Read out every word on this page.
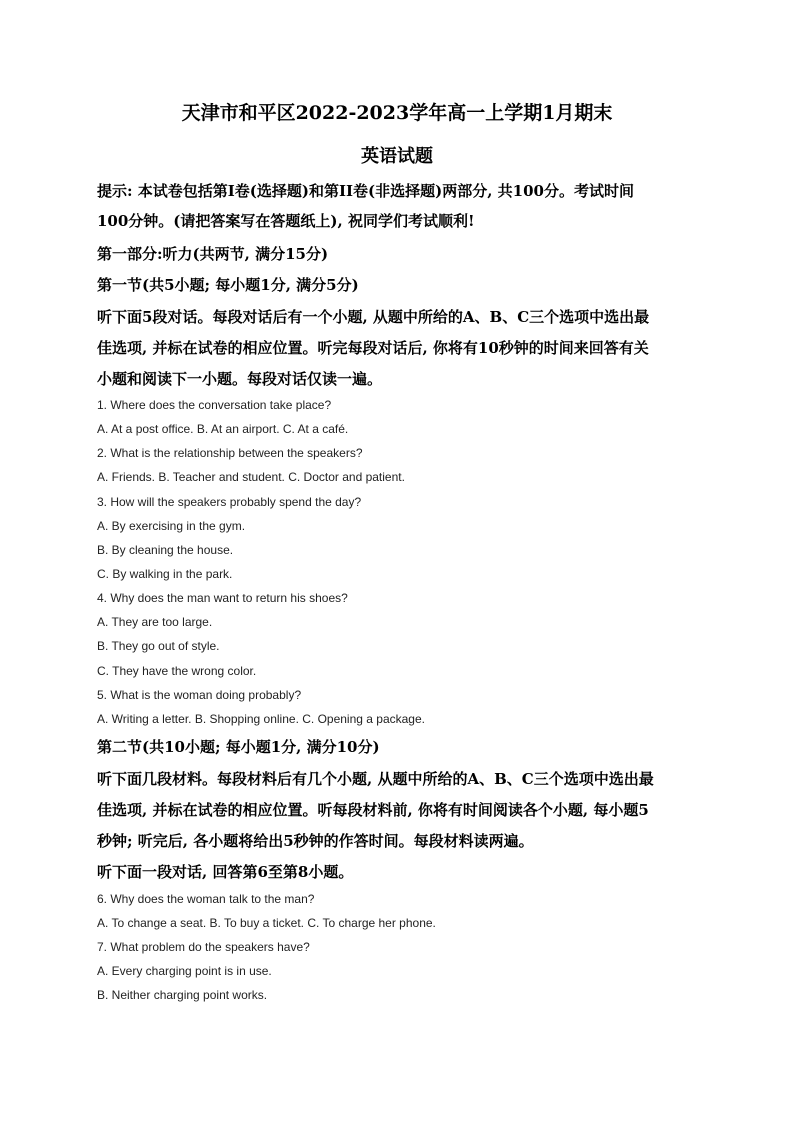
天津市和平区2022-2023学年高一上学期1月期末
英语试题
提示: 本试卷包括第I卷(选择题)和第II卷(非选择题)两部分, 共100分。考试时间
100分钟。(请把答案写在答题纸上), 祝同学们考试顺利!
第一部分:听力(共两节, 满分15分)
第一节(共5小题; 每小题1分, 满分5分)
听下面5段对话。每段对话后有一个小题, 从题中所给的A、B、C三个选项中选出最
佳选项, 并标在试卷的相应位置。听完每段对话后, 你将有10秒钟的时间来回答有关
小题和阅读下一小题。每段对话仅读一遍。
1. Where does the conversation take place?
A. At a post office. B. At an airport. C. At a café.
2. What is the relationship between the speakers?
A. Friends. B. Teacher and student. C. Doctor and patient.
3. How will the speakers probably spend the day?
A. By exercising in the gym.
B. By cleaning the house.
C. By walking in the park.
4. Why does the man want to return his shoes?
A. They are too large.
B. They go out of style.
C. They have the wrong color.
5. What is the woman doing probably?
A. Writing a letter. B. Shopping online. C. Opening a package.
第二节(共10小题; 每小题1分, 满分10分)
听下面几段材料。每段材料后有几个小题, 从题中所给的A、B、C三个选项中选出最
佳选项, 并标在试卷的相应位置。听每段材料前, 你将有时间阅读各个小题, 每小题5
秒钟; 听完后, 各小题将给出5秒钟的作答时间。每段材料读两遍。
听下面一段对话, 回答第6至第8小题。
6. Why does the woman talk to the man?
A. To change a seat. B. To buy a ticket. C. To charge her phone.
7. What problem do the speakers have?
A. Every charging point is in use.
B. Neither charging point works.
